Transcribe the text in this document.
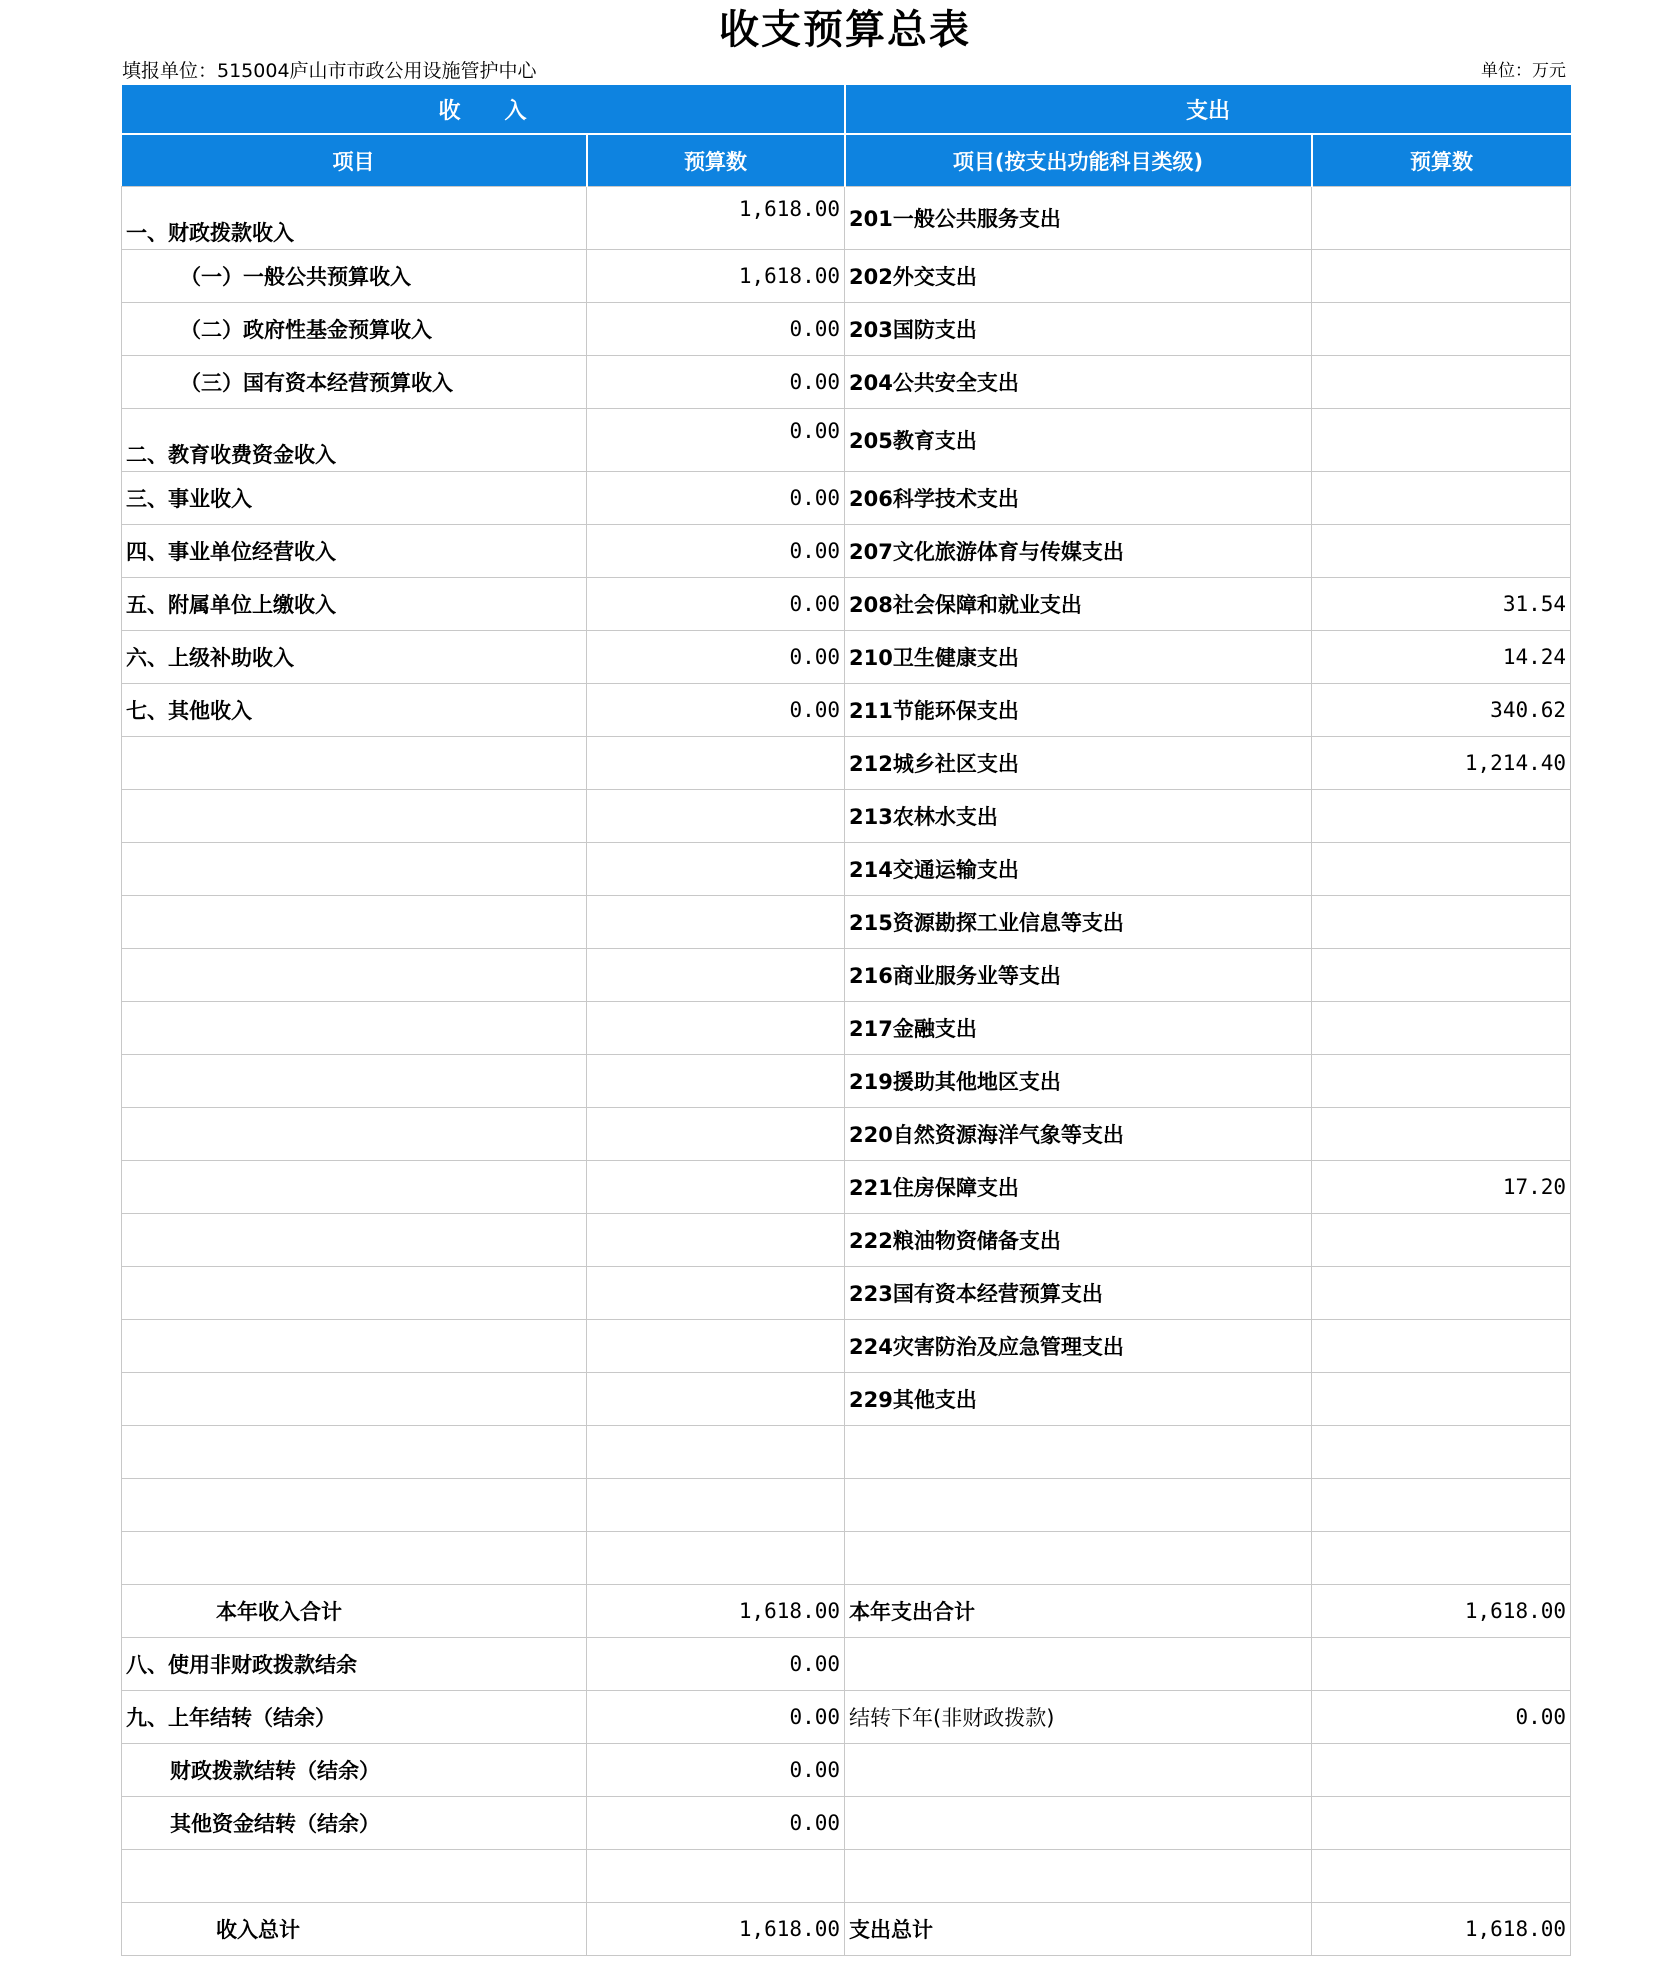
收支预算总表
填报单位：515004庐山市市政公用设施管护中心	单位：万元
收　　入		支出	
项目	预算数	项目(按支出功能科目类级)	预算数
一、财政拨款收入	1,618.00	201一般公共服务支出	
（一）一般公共预算收入	1,618.00	202外交支出	
（二）政府性基金预算收入	0.00	203国防支出	
（三）国有资本经营预算收入	0.00	204公共安全支出	
二、教育收费资金收入	0.00	205教育支出	
三、事业收入	0.00	206科学技术支出	
四、事业单位经营收入	0.00	207文化旅游体育与传媒支出	
五、附属单位上缴收入	0.00	208社会保障和就业支出	31.54
六、上级补助收入	0.00	210卫生健康支出	14.24
七、其他收入	0.00	211节能环保支出	340.62
		212城乡社区支出	1,214.40
		213农林水支出	
		214交通运输支出	
		215资源勘探工业信息等支出	
		216商业服务业等支出	
		217金融支出	
		219援助其他地区支出	
		220自然资源海洋气象等支出	
		221住房保障支出	17.20
		222粮油物资储备支出	
		223国有资本经营预算支出	
		224灾害防治及应急管理支出	
		229其他支出	

本年收入合计	1,618.00	本年支出合计	1,618.00
八、使用非财政拨款结余	0.00		
九、上年结转（结余）	0.00	结转下年(非财政拨款)	0.00
财政拨款结转（结余）	0.00		
其他资金结转（结余）	0.00		

收入总计	1,618.00	支出总计	1,618.00
